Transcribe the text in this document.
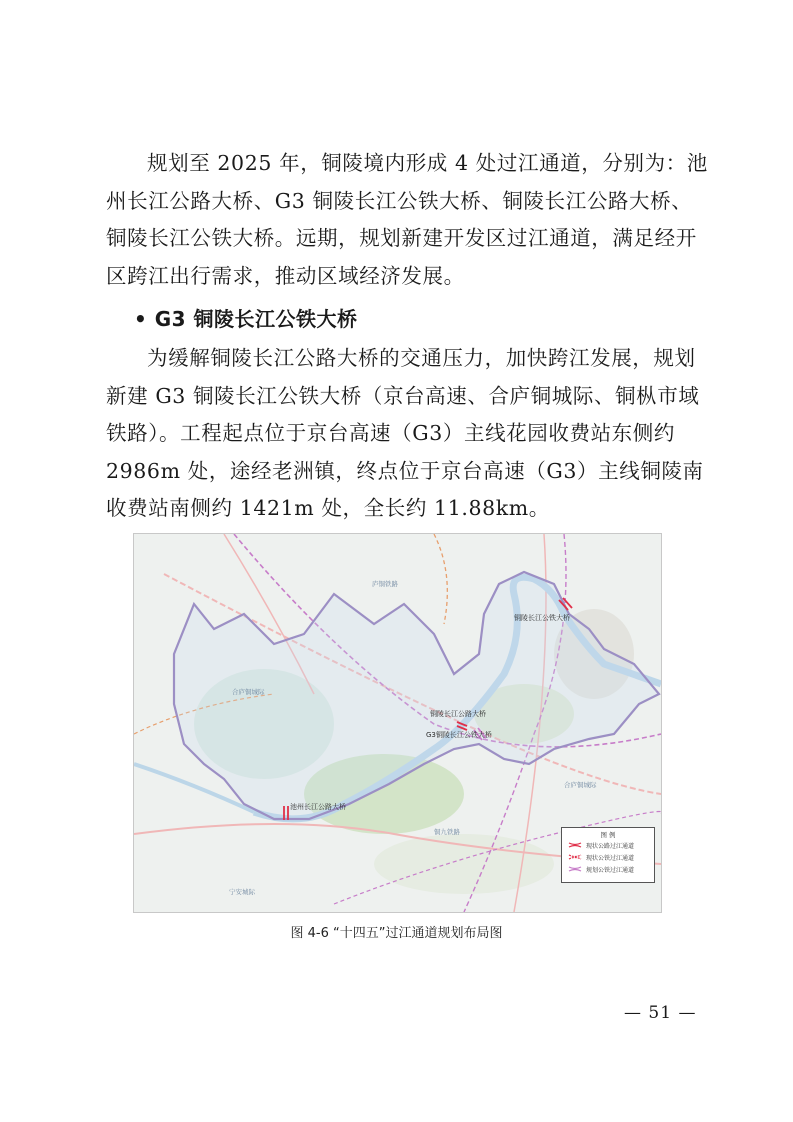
规划至 2025 年，铜陵境内形成 4 处过江通道，分别为：池
州长江公路大桥、G3 铜陵长江公铁大桥、铜陵长江公路大桥、
铜陵长江公铁大桥。远期，规划新建开发区过江通道，满足经开
区跨江出行需求，推动区域经济发展。
• G3 铜陵长江公铁大桥
为缓解铜陵长江公路大桥的交通压力，加快跨江发展，规划
新建 G3 铜陵长江公铁大桥（京台高速、合庐铜城际、铜枞市域
铁路）。工程起点位于京台高速（G3）主线花园收费站东侧约
2986m 处，途经老洲镇，终点位于京台高速（G3）主线铜陵南
收费站南侧约 1421m 处，全长约 11.88km。
铜陵长江公铁大桥
铜陵长江公路大桥
G3铜陵长江公铁大桥
池州长江公路大桥
庐铜铁路
合庐铜城际
合庐铜城际
宁安城际
铜九铁路	图 例
现状公路过江通道
现状公铁过江通道
规划公铁过江通道
图 4-6 “十四五”过江通道规划布局图
— 51 —
